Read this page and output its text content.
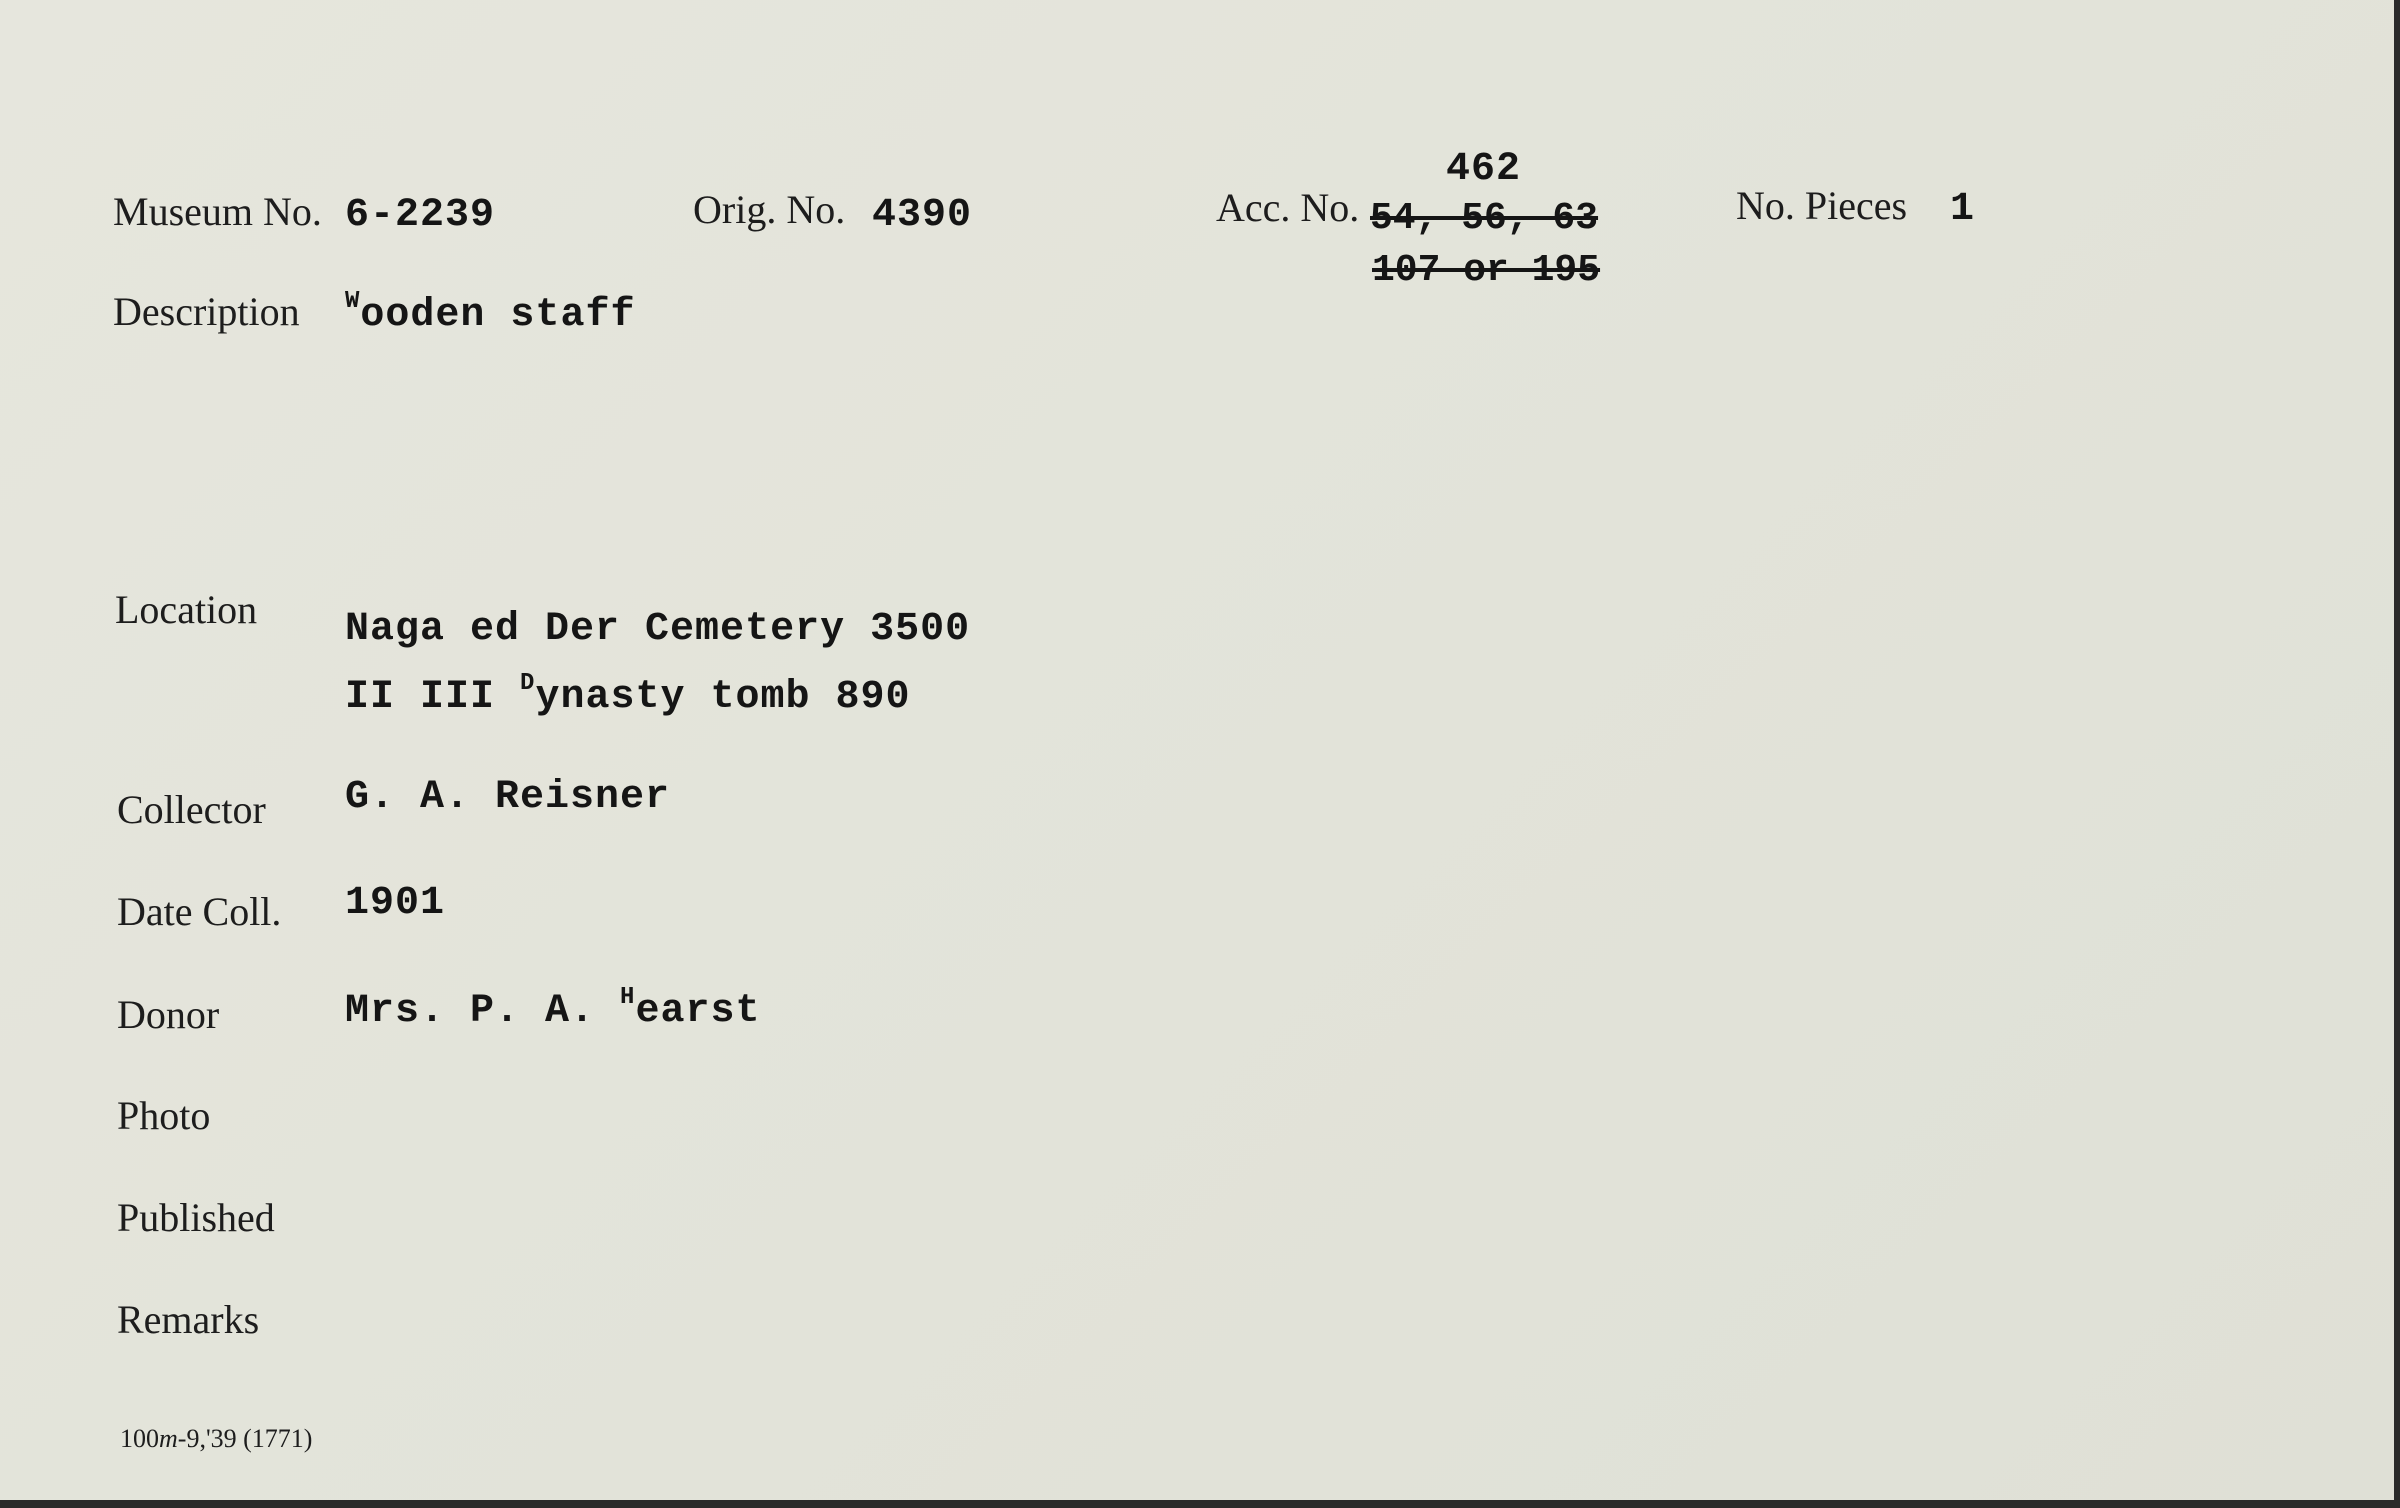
Museum No. 6-2239	Orig. No. 4390	Acc. No.
462
54, 56, 63
107 or 195
No. Pieces 1
Description $^W$ooden staff
Location Naga ed Der Cemetery 3500
II III $^D$ynasty tomb 890
Collector G. A. Reisner
Date Coll. 1901
Donor	Mrs. P. A. $^H$earst
Photo
Published
Remarks
100m-9,'39 (1771)
